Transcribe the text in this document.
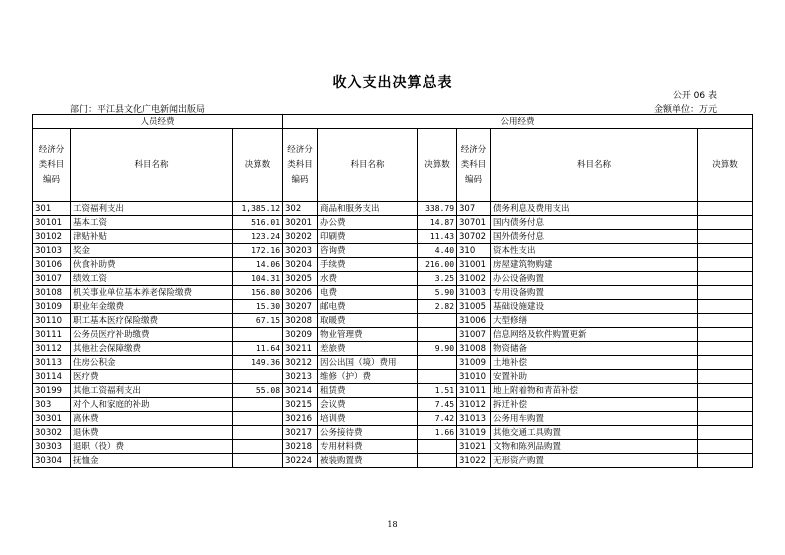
收入支出决算总表
公开 06 表
部门：平江县文化广电新闻出版局	金额单位：万元
人员经费			公用经费					
经济分类科目编码	科目名称	决算数	经济分类科目编码	科目名称	决算数	经济分类科目编码	科目名称	决算数
301	工资福利支出	1,385.12	302	商品和服务支出	338.79	307	债务利息及费用支出	
30101	基本工资	516.01	30201	办公费	14.87	30701	国内债务付息	
30102	津贴补贴	123.24	30202	印刷费	11.43	30702	国外债务付息	
30103	奖金	172.16	30203	咨询费	4.40	310	资本性支出	
30106	伙食补助费	14.06	30204	手续费	216.00	31001	房屋建筑物购建	
30107	绩效工资	104.31	30205	水费	3.25	31002	办公设备购置	
30108	机关事业单位基本养老保险缴费	156.80	30206	电费	5.90	31003	专用设备购置	
30109	职业年金缴费	15.30	30207	邮电费	2.82	31005	基础设施建设	
30110	职工基本医疗保险缴费	67.15	30208	取暖费		31006	大型修缮	
30111	公务员医疗补助缴费		30209	物业管理费		31007	信息网络及软件购置更新	
30112	其他社会保障缴费	11.64	30211	差旅费	9.90	31008	物资储备	
30113	住房公积金	149.36	30212	因公出国（境）费用		31009	土地补偿	
30114	医疗费		30213	维修（护）费		31010	安置补助	
30199	其他工资福利支出	55.08	30214	租赁费	1.51	31011	地上附着物和青苗补偿	
303	对个人和家庭的补助		30215	会议费	7.45	31012	拆迁补偿	
30301	离休费		30216	培训费	7.42	31013	公务用车购置	
30302	退休费		30217	公务接待费	1.66	31019	其他交通工具购置	
30303	退职（役）费		30218	专用材料费		31021	文物和陈列品购置	
30304	抚恤金		30224	被装购置费		31022	无形资产购置	
18
